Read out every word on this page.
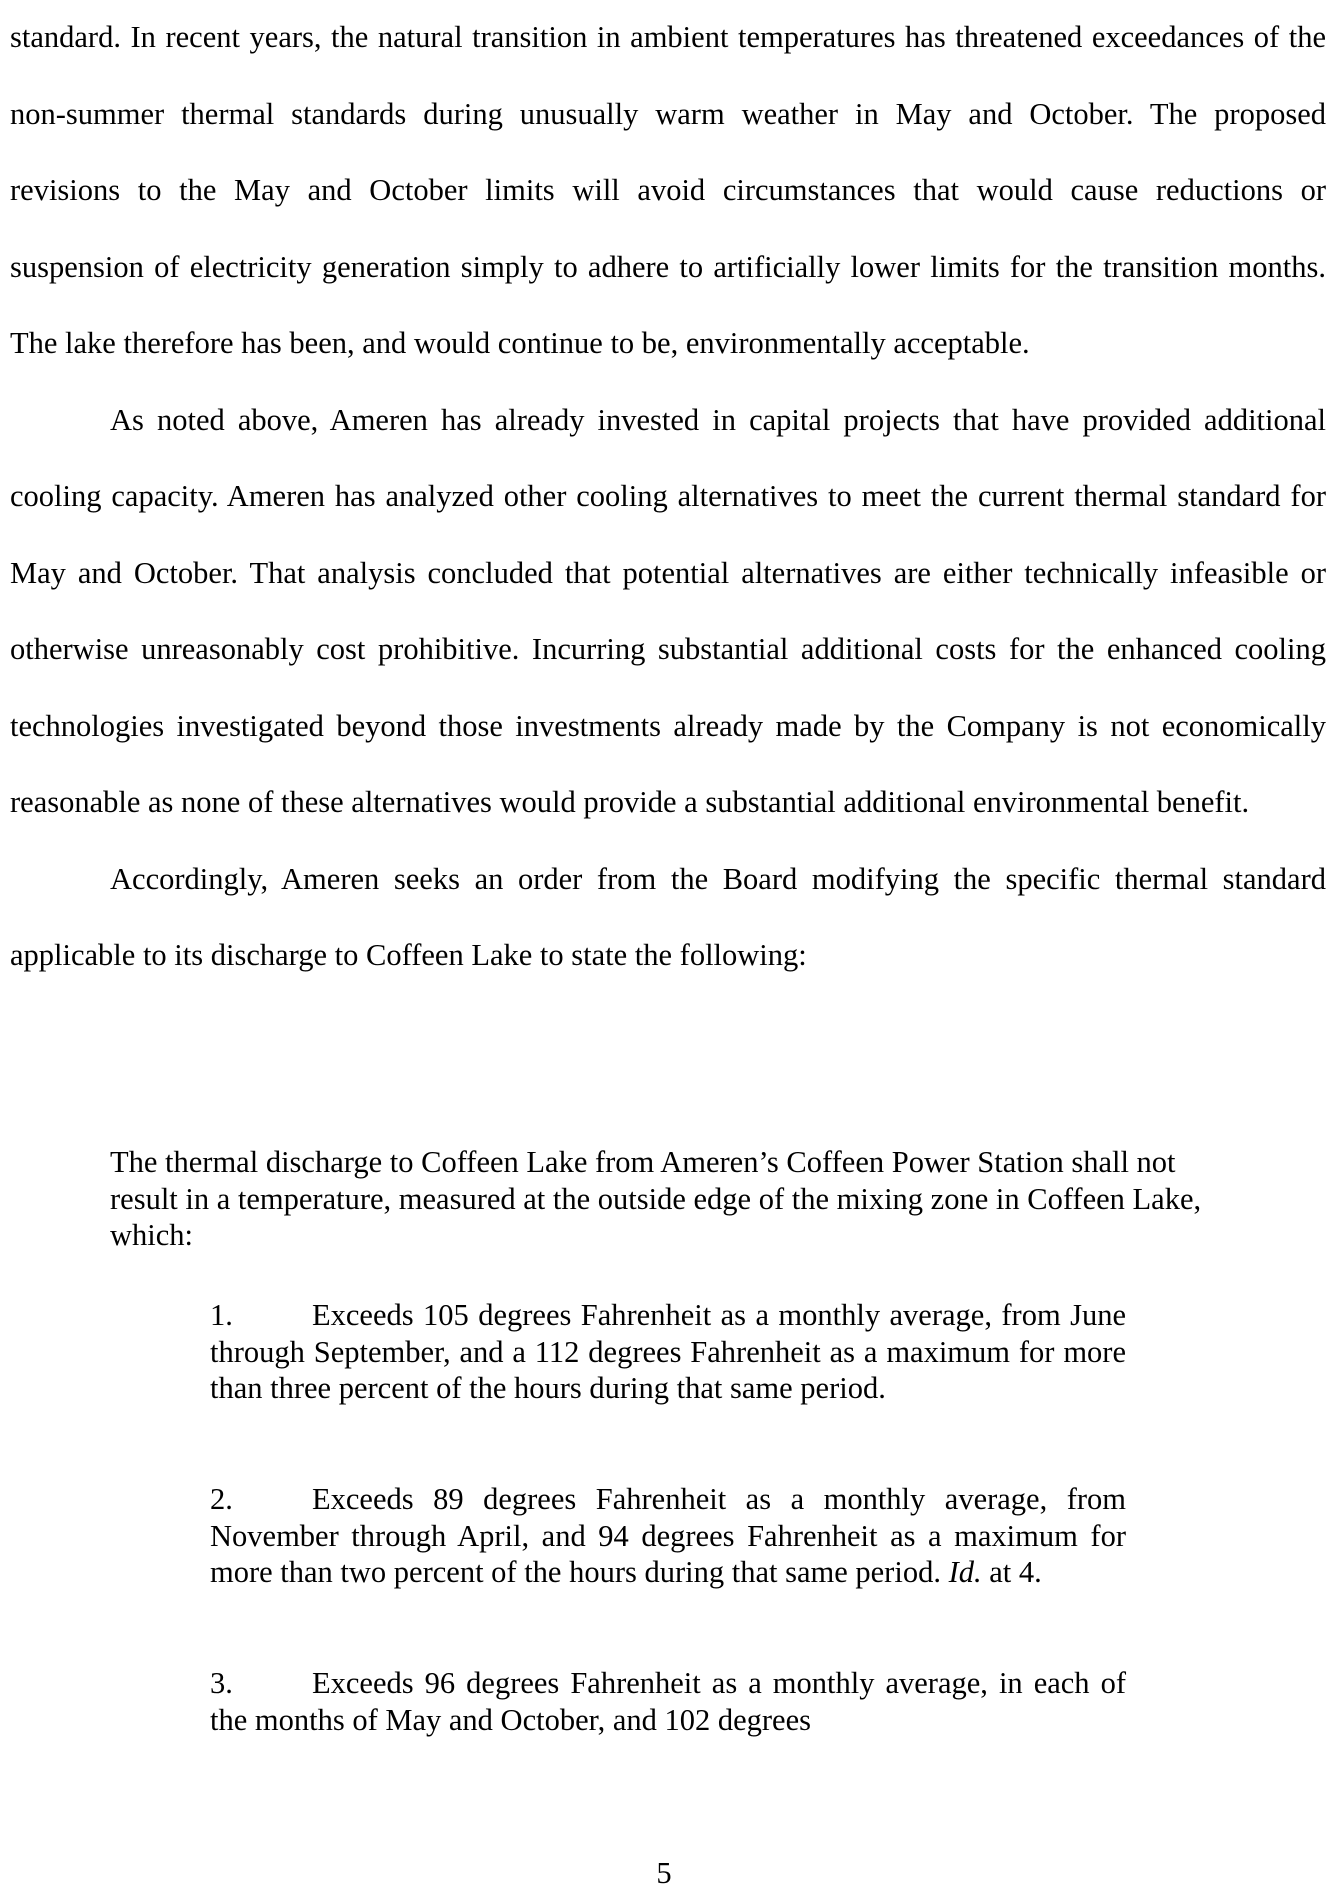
standard. In recent years, the natural transition in ambient temperatures has threatened exceedances of the non-summer thermal standards during unusually warm weather in May and October. The proposed revisions to the May and October limits will avoid circumstances that would cause reductions or suspension of electricity generation simply to adhere to artificially lower limits for the transition months. The lake therefore has been, and would continue to be, environmentally acceptable.

As noted above, Ameren has already invested in capital projects that have provided additional cooling capacity. Ameren has analyzed other cooling alternatives to meet the current thermal standard for May and October. That analysis concluded that potential alternatives are either technically infeasible or otherwise unreasonably cost prohibitive. Incurring substantial additional costs for the enhanced cooling technologies investigated beyond those investments already made by the Company is not economically reasonable as none of these alternatives would provide a substantial additional environmental benefit.

Accordingly, Ameren seeks an order from the Board modifying the specific thermal standard applicable to its discharge to Coffeen Lake to state the following:

The thermal discharge to Coffeen Lake from Ameren’s Coffeen Power Station shall not result in a temperature, measured at the outside edge of the mixing zone in Coffeen Lake, which:

1.	Exceeds 105 degrees Fahrenheit as a monthly average, from June through September, and a 112 degrees Fahrenheit as a maximum for more than three percent of the hours during that same period.

2.	Exceeds 89 degrees Fahrenheit as a monthly average, from November through April, and 94 degrees Fahrenheit as a maximum for more than two percent of the hours during that same period. Id. at 4.

3.	Exceeds 96 degrees Fahrenheit as a monthly average, in each of the months of May and October, and 102 degrees

5
